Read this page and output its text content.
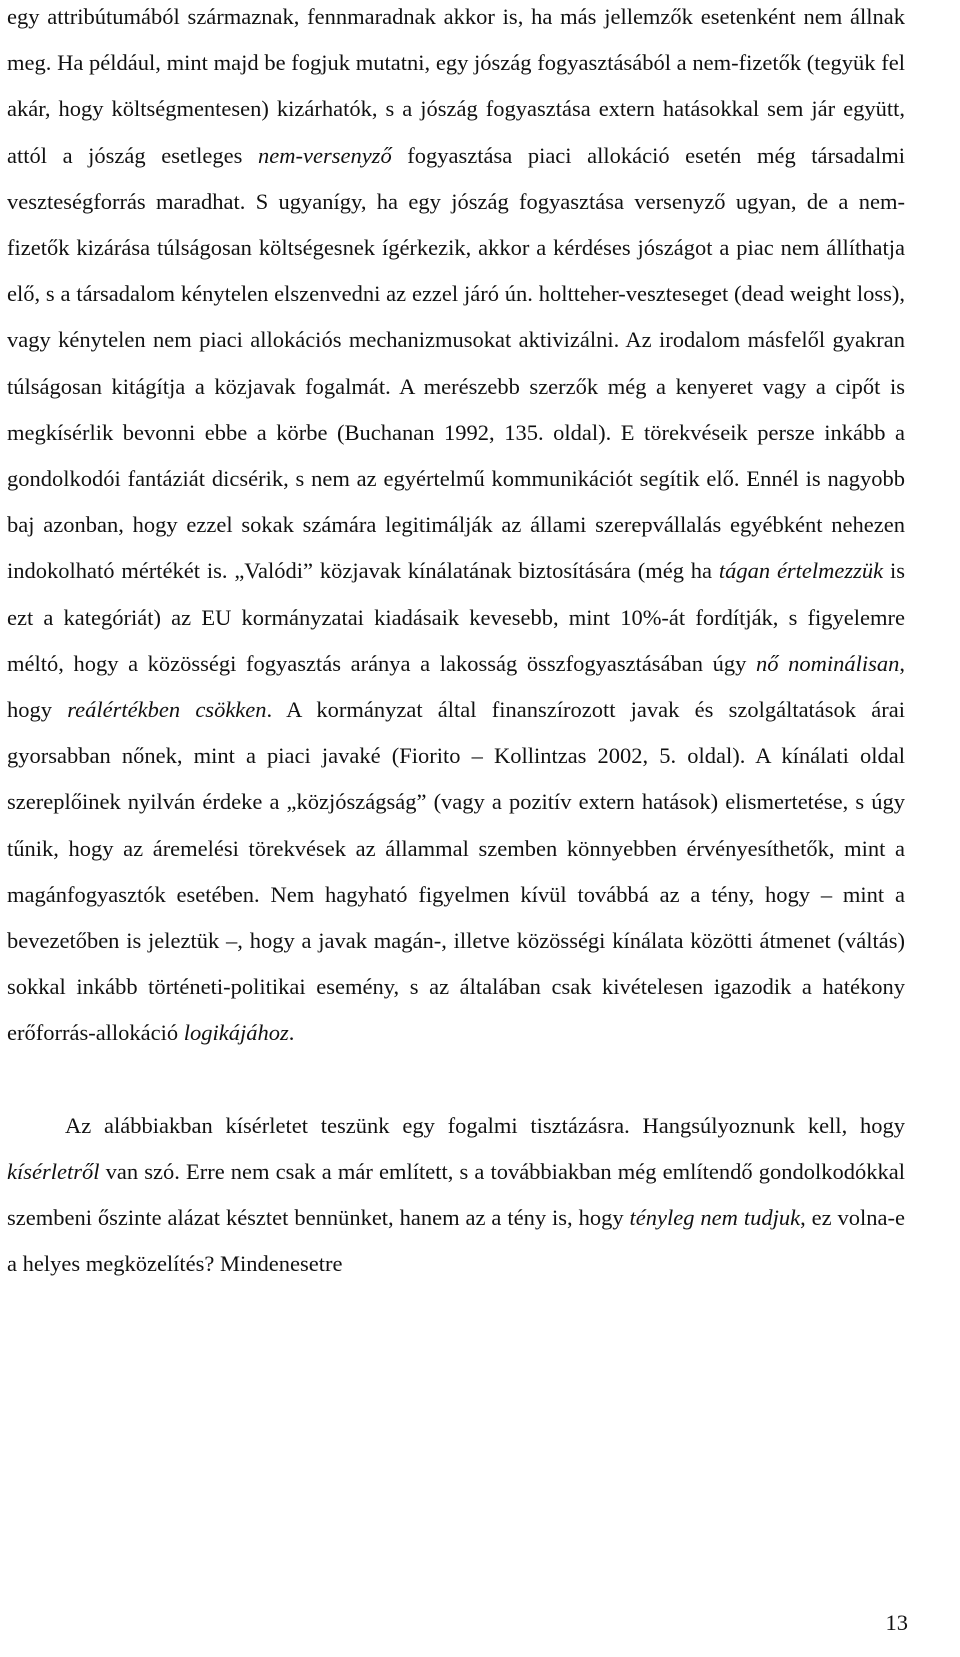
egy attribútumából származnak, fennmaradnak akkor is, ha más jellemzők esetenként nem állnak meg. Ha például, mint majd be fogjuk mutatni, egy jószág fogyasztásából a nem-fizetők (tegyük fel akár, hogy költségmentesen) kizárhatók, s a jószág fogyasztása extern hatásokkal sem jár együtt, attól a jószág esetleges nem-versenyző fogyasztása piaci allokáció esetén még társadalmi veszteségforrás maradhat. S ugyanígy, ha egy jószág fogyasztása versenyző ugyan, de a nem-fizetők kizárása túlságosan költségesnek ígérkezik, akkor a kérdéses jószágot a piac nem állíthatja elő, s a társadalom kénytelen elszenvedni az ezzel járó ún. holtteher-veszteseget (dead weight loss), vagy kénytelen nem piaci allokációs mechanizmusokat aktivizálni. Az irodalom másfelől gyakran túlságosan kitágítja a közjavak fogalmát. A merészebb szerzők még a kenyeret vagy a cipőt is megkísérlik bevonni ebbe a körbe (Buchanan 1992, 135. oldal). E törekvéseik persze inkább a gondolkodói fantáziát dicsérik, s nem az egyértelmű kommunikációt segítik elő. Ennél is nagyobb baj azonban, hogy ezzel sokak számára legitimálják az állami szerepvállalás egyébként nehezen indokolható mértékét is. „Valódi” közjavak kínálatának biztosítására (még ha tágan értelmezzük is ezt a kategóriát) az EU kormányzatai kiadásaik kevesebb, mint 10%-át fordítják, s figyelemre méltó, hogy a közösségi fogyasztás aránya a lakosság összfogyasztásában úgy nő nominálisan, hogy reálértékben csökken. A kormányzat által finanszírozott javak és szolgáltatások árai gyorsabban nőnek, mint a piaci javaké (Fiorito – Kollintzas 2002, 5. oldal). A kínálati oldal szereplőinek nyilván érdeke a „közjószágság” (vagy a pozitív extern hatások) elismertetése, s úgy tűnik, hogy az áremelési törekvések az állammal szemben könnyebben érvényesíthetők, mint a magánfogyasztók esetében. Nem hagyható figyelmen kívül továbbá az a tény, hogy – mint a bevezetőben is jeleztük –, hogy a javak magán-, illetve közösségi kínálata közötti átmenet (váltás) sokkal inkább történeti-politikai esemény, s az általában csak kivételesen igazodik a hatékony erőforrás-allokáció logikájához.

Az alábbiakban kísérletet teszünk egy fogalmi tisztázásra. Hangsúlyoznunk kell, hogy kísérletről van szó. Erre nem csak a már említett, s a továbbiakban még említendő gondolkodókkal szembeni őszinte alázat késztet bennünket, hanem az a tény is, hogy tényleg nem tudjuk, ez volna-e a helyes megközelítés? Mindenesetre

13
